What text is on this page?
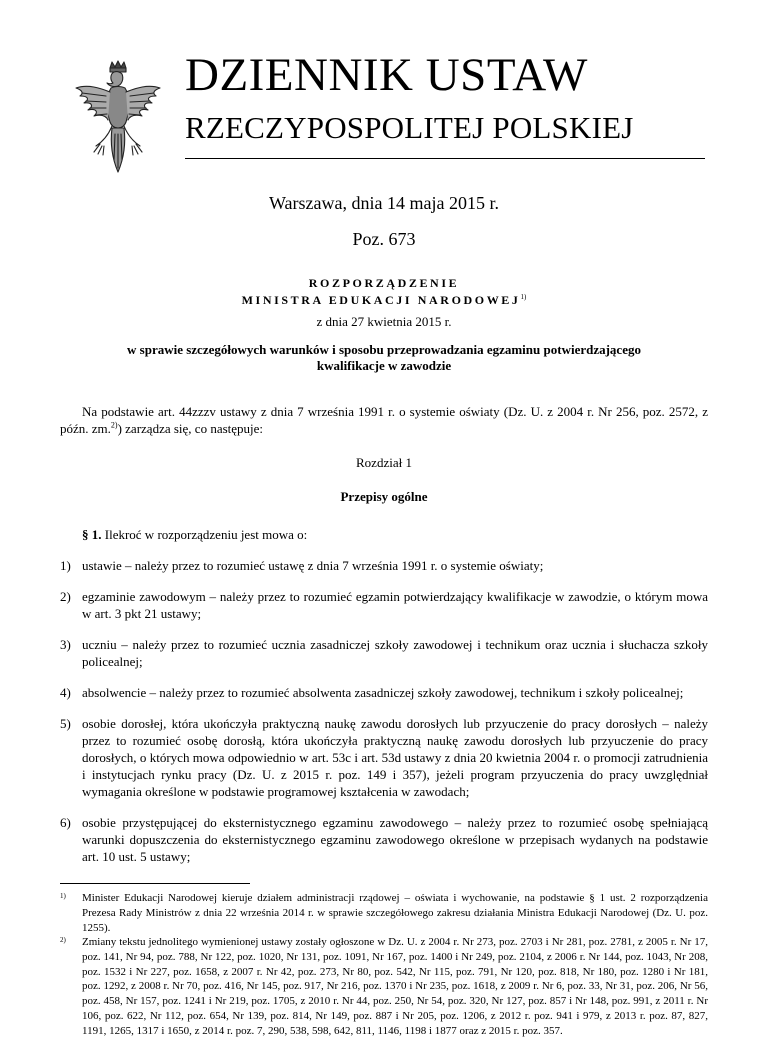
DZIENNIK USTAW
RZECZYPOSPOLITEJ POLSKIEJ
Warszawa, dnia 14 maja 2015 r.
Poz. 673
ROZPORZĄDZENIE
MINISTRA EDUKACJI NARODOWEJ$^{1)}$
z dnia 27 kwietnia 2015 r.
w sprawie szczegółowych warunków i sposobu przeprowadzania egzaminu potwierdzającego
kwalifikacje w zawodzie
Na podstawie art. 44zzzv ustawy z dnia 7 września 1991 r. o systemie oświaty (Dz. U. z 2004 r. Nr 256, poz. 2572, z późn. zm.$^{2)}$) zarządza się, co następuje:
Rozdział 1
Przepisy ogólne
§ 1. Ilekroć w rozporządzeniu jest mowa o:
1) ustawie – należy przez to rozumieć ustawę z dnia 7 września 1991 r. o systemie oświaty;
2) egzaminie zawodowym – należy przez to rozumieć egzamin potwierdzający kwalifikacje w zawodzie, o którym mowa w art. 3 pkt 21 ustawy;
3) uczniu – należy przez to rozumieć ucznia zasadniczej szkoły zawodowej i technikum oraz ucznia i słuchacza szkoły policealnej;
4) absolwencie – należy przez to rozumieć absolwenta zasadniczej szkoły zawodowej, technikum i szkoły policealnej;
5) osobie dorosłej, która ukończyła praktyczną naukę zawodu dorosłych lub przyuczenie do pracy dorosłych – należy przez to rozumieć osobę dorosłą, która ukończyła praktyczną naukę zawodu dorosłych lub przyuczenie do pracy dorosłych, o których mowa odpowiednio w art. 53c i art. 53d ustawy z dnia 20 kwietnia 2004 r. o promocji zatrudnienia i instytucjach rynku pracy (Dz. U. z 2015 r. poz. 149 i 357), jeżeli program przyuczenia do pracy uwzględniał wymagania określone w podstawie programowej kształcenia w zawodach;
1) Minister Edukacji Narodowej kieruje działem administracji rządowej – oświata i wychowanie, na podstawie § 1 ust. 2 rozporządzenia Prezesa Rady Ministrów z dnia 22 września 2014 r. w sprawie szczegółowego zakresu działania Ministra Edukacji Narodowej (Dz. U. poz. 1255).
2) Zmiany tekstu jednolitego wymienionej ustawy zostały ogłoszone w Dz. U. z 2004 r. Nr 273, poz. 2703 i Nr 281, poz. 2781, z 2005 r. Nr 17, poz. 141, Nr 94, poz. 788, Nr 122, poz. 1020, Nr 131, poz. 1091, Nr 167, poz. 1400 i Nr 249, poz. 2104, z 2006 r. Nr 144, poz. 1043, Nr 208, poz. 1532 i Nr 227, poz. 1658, z 2007 r. Nr 42, poz. 273, Nr 80, poz. 542, Nr 115, poz. 791, Nr 120, poz. 818, Nr 180, poz. 1280 i Nr 181, poz. 1292, z 2008 r. Nr 70, poz. 416, Nr 145, poz. 917, Nr 216, poz. 1370 i Nr 235, poz. 1618, z 2009 r. Nr 6, poz. 33, Nr 31, poz. 206, Nr 56, poz. 458, Nr 157, poz. 1241 i Nr 219, poz. 1705, z 2010 r. Nr 44, poz. 250, Nr 54, poz. 320, Nr 127, poz. 857 i Nr 148, poz. 991, z 2011 r. Nr 106, poz. 622, Nr 112, poz. 654, Nr 139, poz. 814, Nr 149, poz. 887 i Nr 205, poz. 1206, z 2012 r. poz. 941 i 979, z 2013 r. poz. 87, 827, 1191, 1265, 1317 i 1650, z 2014 r. poz. 7, 290, 538, 598, 642, 811, 1146, 1198 i 1877 oraz z 2015 r. poz. 357.
6) osobie przystępującej do eksternistycznego egzaminu zawodowego – należy przez to rozumieć osobę spełniającą warunki dopuszczenia do eksternistycznego egzaminu zawodowego określone w przepisach wydanych na podstawie art. 10 ust. 5 ustawy;
